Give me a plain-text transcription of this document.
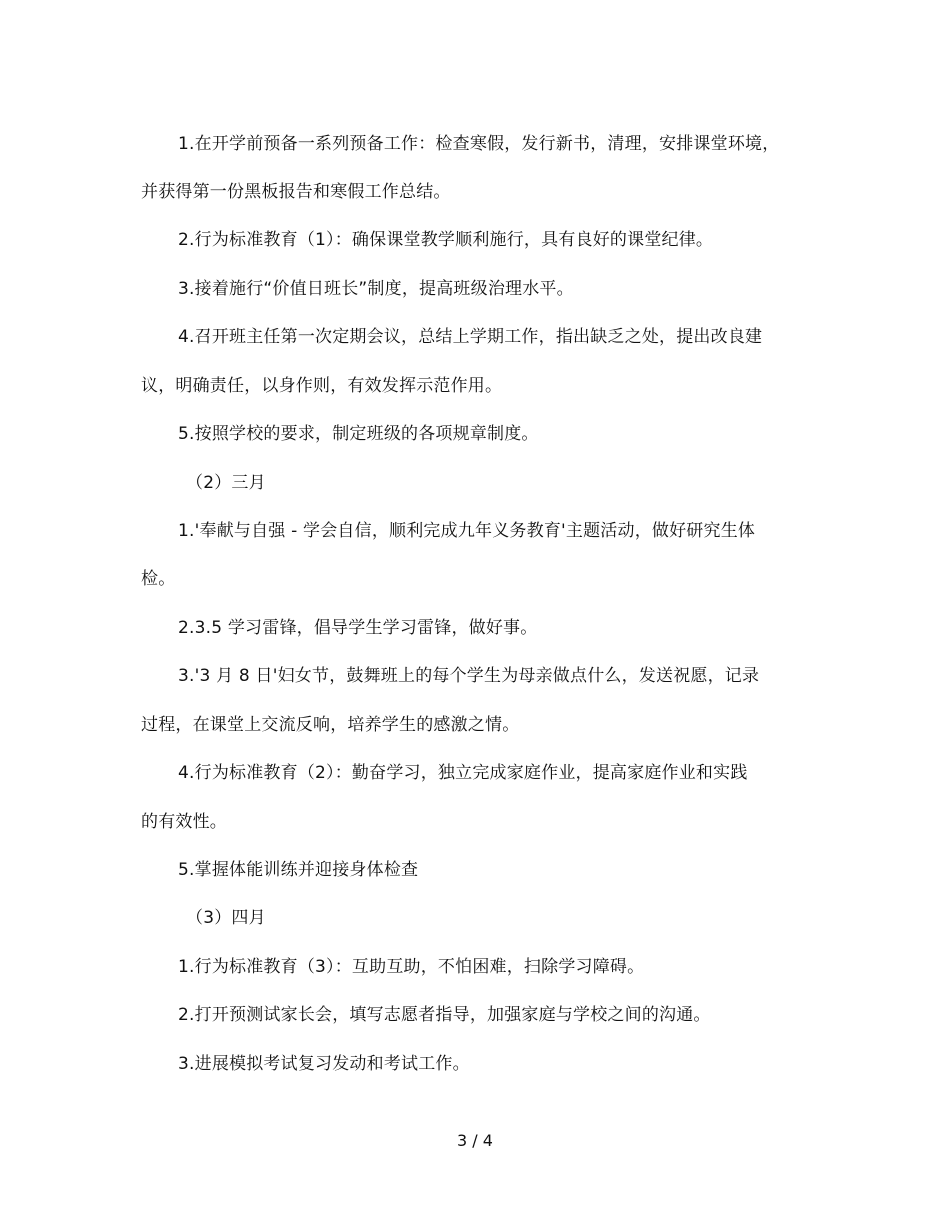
1.在开学前预备一系列预备工作：检查寒假，发行新书，清理，安排课堂环境，
并获得第一份黑板报告和寒假工作总结。
2.行为标准教育（1）：确保课堂教学顺利施行，具有良好的课堂纪律。
3.接着施行“价值日班长”制度，提高班级治理水平。
4.召开班主任第一次定期会议，总结上学期工作，指出缺乏之处，提出改良建
议，明确责任，以身作则，有效发挥示范作用。
5.按照学校的要求，制定班级的各项规章制度。
（2）三月
1.'奉献与自强 - 学会自信，顺利完成九年义务教育'主题活动，做好研究生体
检。
2.3.5 学习雷锋，倡导学生学习雷锋，做好事。
3.'3 月 8 日'妇女节，鼓舞班上的每个学生为母亲做点什么，发送祝愿，记录
过程，在课堂上交流反响，培养学生的感激之情。
4.行为标准教育（2）：勤奋学习，独立完成家庭作业，提高家庭作业和实践
的有效性。
5.掌握体能训练并迎接身体检查
（3）四月
1.行为标准教育（3）：互助互助，不怕困难，扫除学习障碍。
2.打开预测试家长会，填写志愿者指导，加强家庭与学校之间的沟通。
3.进展模拟考试复习发动和考试工作。
3 / 4
